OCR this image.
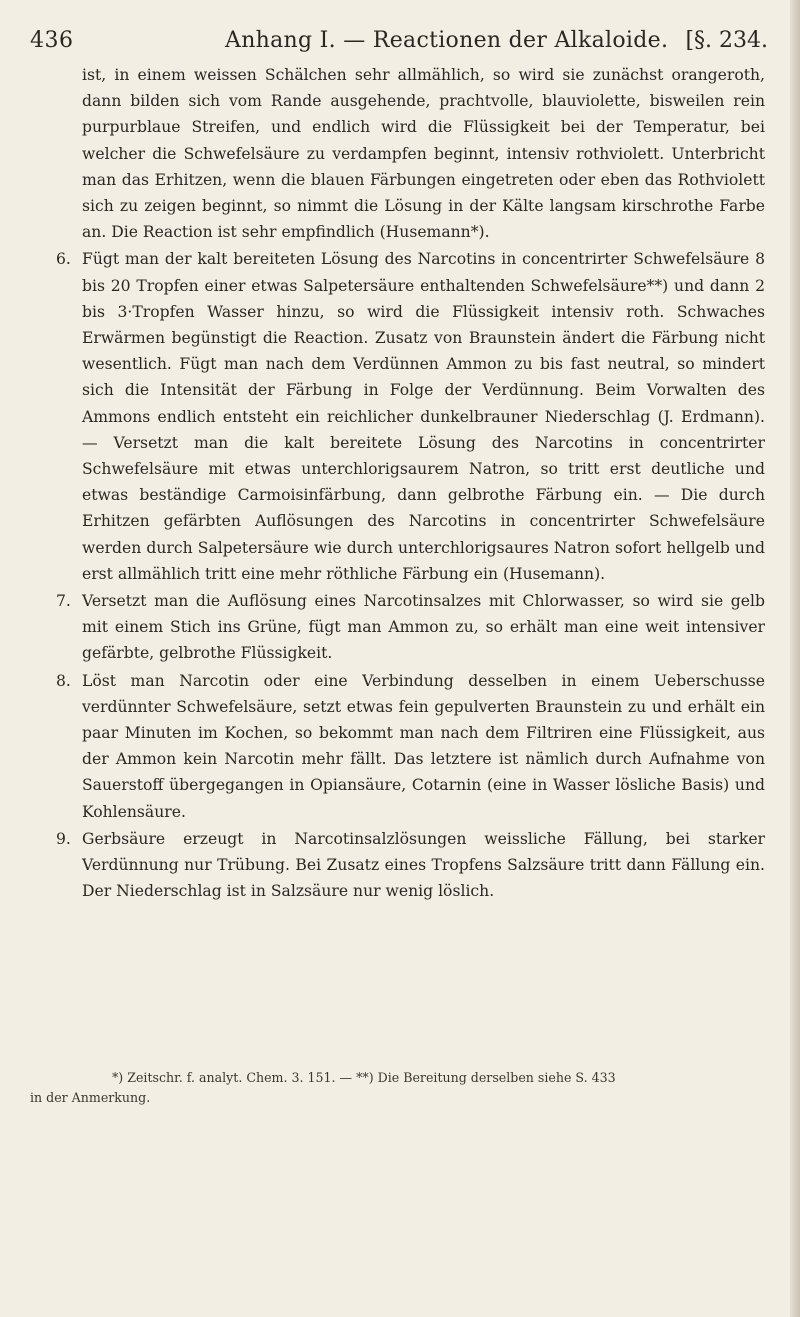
436	Anhang I. — Reactionen der Alkaloide. [§. 234.

ist, in einem weissen Schälchen sehr allmählich, so wird sie zunächst orangeroth, dann bilden sich vom Rande ausgehende, prachtvolle, blauviolette, bisweilen rein purpurblaue Streifen, und endlich wird die Flüssigkeit bei der Temperatur, bei welcher die Schwefelsäure zu verdampfen beginnt, intensiv rothviolett. Unterbricht man das Erhitzen, wenn die blauen Färbungen eingetreten oder eben das Rothviolett sich zu zeigen beginnt, so nimmt die Lösung in der Kälte langsam kirschrothe Farbe an. Die Reaction ist sehr empfindlich (Husemann*).

6. Fügt man der kalt bereiteten Lösung des Narcotins in concentrirter Schwefelsäure 8 bis 20 Tropfen einer etwas Salpetersäure enthaltenden Schwefelsäure**) und dann 2 bis 3·Tropfen Wasser hinzu, so wird die Flüssigkeit intensiv roth. Schwaches Erwärmen begünstigt die Reaction. Zusatz von Braunstein ändert die Färbung nicht wesentlich. Fügt man nach dem Verdünnen Ammon zu bis fast neutral, so mindert sich die Intensität der Färbung in Folge der Verdünnung. Beim Vorwalten des Ammons endlich entsteht ein reichlicher dunkelbrauner Niederschlag (J. Erdmann). — Versetzt man die kalt bereitete Lösung des Narcotins in concentrirter Schwefelsäure mit etwas unterchlorigsaurem Natron, so tritt erst deutliche und etwas beständige Carmoisinfärbung, dann gelbrothe Färbung ein. — Die durch Erhitzen gefärbten Auflösungen des Narcotins in concentrirter Schwefelsäure werden durch Salpetersäure wie durch unterchlorigsaures Natron sofort hellgelb und erst allmählich tritt eine mehr röthliche Färbung ein (Husemann).
7. Versetzt man die Auflösung eines Narcotinsalzes mit Chlorwasser, so wird sie gelb mit einem Stich ins Grüne, fügt man Ammon zu, so erhält man eine weit intensiver gefärbte, gelbrothe Flüssigkeit.
8. Löst man Narcotin oder eine Verbindung desselben in einem Ueberschusse verdünnter Schwefelsäure, setzt etwas fein gepulverten Braunstein zu und erhält ein paar Minuten im Kochen, so bekommt man nach dem Filtriren eine Flüssigkeit, aus der Ammon kein Narcotin mehr fällt. Das letztere ist nämlich durch Aufnahme von Sauerstoff übergegangen in Opiansäure, Cotarnin (eine in Wasser lösliche Basis) und Kohlensäure.
9. Gerbsäure erzeugt in Narcotinsalzlösungen weissliche Fällung, bei starker Verdünnung nur Trübung. Bei Zusatz eines Tropfens Salzsäure tritt dann Fällung ein. Der Niederschlag ist in Salzsäure nur wenig löslich.

*) Zeitschr. f. analyt. Chem. 3. 151. — **) Die Bereitung derselben siehe S. 433

in der Anmerkung.
